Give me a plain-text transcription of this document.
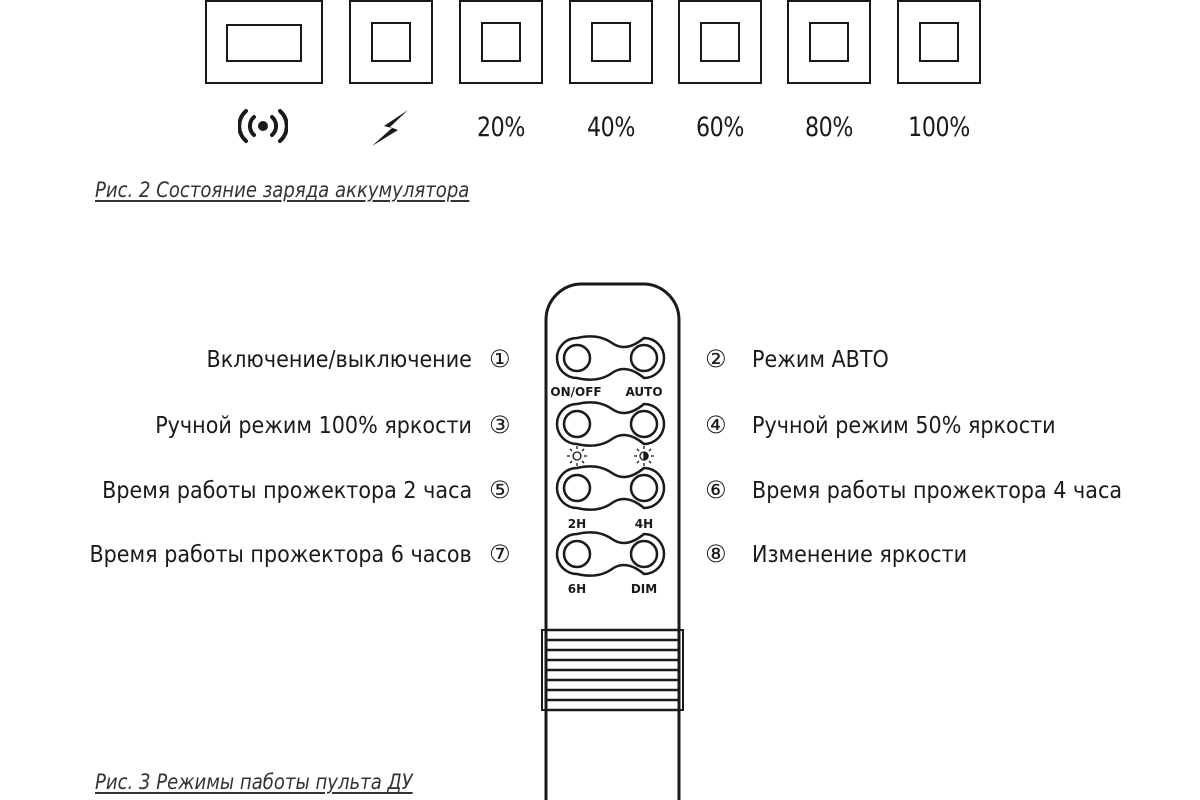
20%	40%	60%	80%	100%
Рис. 2 Состояние заряда аккумулятора
ON/OFF AUTO
2H	4H
6H	DIM
Включение/выключение ①
Ручной режим 100% яркости ③
Время работы прожектора 2 часа ⑤
Время работы прожектора 6 часов ⑦
② Режим АВТО
④ Ручной режим 50% яркости
⑥ Время работы прожектора 4 часа
⑧ Изменение яркости
Рис. 3 Режимы паботы пульта ДУ
